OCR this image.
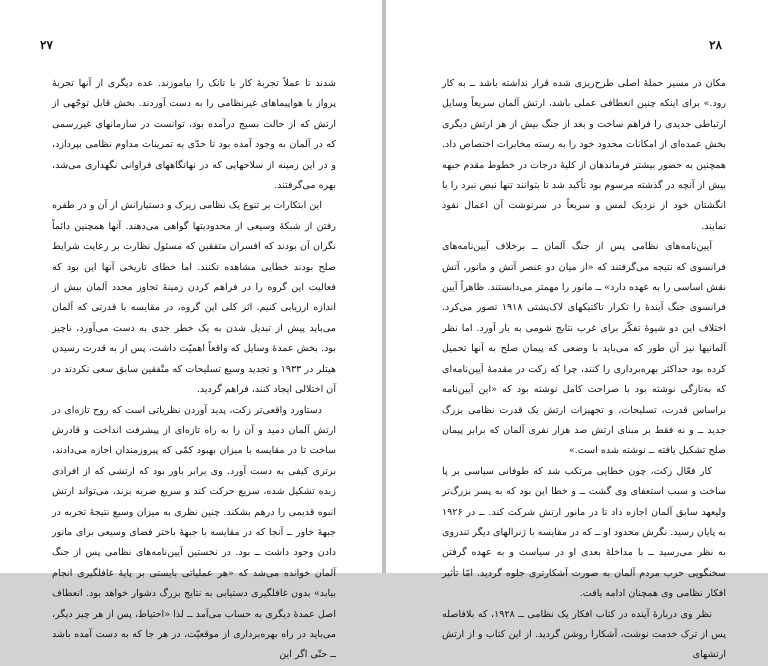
۲۷

شدند تا عملاً تجربهٔ کار با تانک را بیاموزند. عده دیگری از آنها تجربهٔ پرواز با هواپیماهای غیرنظامی را به دست آوردند. بخش قابل توجّهی از ارتش که از حالت بسیج درآمده بود، توانست در سازمانهای غیررسمی که در آلمان به وجود آمده بود تا حدّی به تمرینات مداوم نظامی بپردازد، و در این زمینه از سلاحهایی که در نهانگاههای فراوانی نگهداری می‌شد، بهره می‌گرفتند.

این ابتکارات بر تنوع یک نظامی زیرک و دستیارانش از آن و در طفره رفتن از شبکهٔ وسیعی از محدودیتها گواهی می‌دهند. آنها همچنین دائماً نگران آن بودند که افسران متفقین که مسئول نظارت بر رعایت شرایط صلح بودند خطایی مشاهده نکنند. اما خطای تاریخی آنها این بود که فعالیت این گروه را در فراهم کردن زمینهٔ تجاوز مجدد آلمان بیش از اندازه ارزیابی کنیم. اثر کلی این گروه، در مقایسه با قدرتی که آلمان می‌باید پیش از تبدیل شدن به یک خطر جدی به دست می‌آورد، ناچیز بود. بخش عمدهٔ وسایل که واقعاً اهمیّت داشت، پس از به قدرت رسیدن هیتلر در ۱۹۳۳ و تجدید وسیع تسلیحات که متّفقین سابق سعی نکردند در آن اختلالی ایجاد کنند، فراهم گردید.

دستاورد واقعی‌تر زکت، پدید آوردن نظریاتی است که روح تازه‌ای در ارتش آلمان دمید و آن را به راه تازه‌ای از پیشرفت انداخت و قادرش ساخت تا در مقایسه با میزان بهبود کمّی که پیروزمندان اجازه می‌دادند، برتری کیفی به دست آورد. وی برابر باور بود که ارتشی که از افرادی زبده تشکیل شده، سریع حرکت کند و سریع ضربه بزند، می‌تواند ارتش انبوه قدیمی را درهم بشکند. چنین نظری به میزان وسیع نتیجهٔ تجربه در جبههٔ خاور ــ آنجا که در مقایسه با جبههٔ باختر فضای وسیعی برای مانور دادن وجود داشت ــ بود. در نخستین آیین‌نامه‌های نظامی پس از جنگ آلمان خوانده می‌شد که «هر عملیاتی بایستی بر پایهٔ غافلگیری انجام بیابد» بدون غافلگیری دستیابی به نتایج بزرگ دشوار خواهد بود. انعطاف اصل عمدهٔ دیگری به حساب می‌آمد ــ لذا «احتیاط، پس از هر چیز دیگر، می‌باید در راه بهره‌برداری از موقعیّت، در هر جا که به دست آمده باشد ــ حتّی اگر این

۲۸

مکان در مسیر حملهٔ اصلی طرح‌ریزی شده قرار نداشته باشد ــ به کار رود.» برای اینکه چنین انعطافی عملی باشد، ارتش آلمان سریعاً وسایل ارتباطی جدیدی را فراهم ساخت و بعد از جنگ بیش از هر ارتش دیگری بخش عمده‌ای از امکانات محدود خود را به رسته مخابرات اختصاص داد. همچنین به حضور بیشتر فرماندهان از کلیهٔ درجات در خطوط مقدم جبهه بیش از آنچه در گذشته مرسوم بود تأکید شد تا بتوانند تنها نبض نبرد را با انگشتان خود از نزدیک لمس و سریعاً در سرنوشت آن اعمال نفوذ نمایند.

آیین‌نامه‌های نظامی پس از جنگ آلمان ــ برخلاف آیین‌نامه‌های فرانسوی که نتیجه می‌گرفتند که «از میان دو عنصر آتش و مانور، آتش نقش اساسی را به عهده دارد» ــ مانور را مهمتر می‌دانستند. ظاهراً آیین فرانسوی جنگ آیندهٔ را تکرار تاکتیکهای لاک‌پشتی ۱۹۱۸ تصور می‌کرد. اختلاف این دو شیوهٔ تفکّر برای غرب نتایج شومی به بار آورد. اما نظر آلمانیها نیز آن طور که می‌باید با وضعی که پیمان صلح به آنها تحمیل کرده بود حداکثر بهره‌برداری را کنند، چرا که زکت در مقدمهٔ آیین‌نامه‌ای که به‌تازگی نوشته بود با صراحت کامل نوشته بود که «این آیین‌نامه براساس قدرت، تسلیحات، و تجهیزات ارتش یک قدرت نظامی بزرگ جدید ــ و نه فقط بر مبنای ارتش صد هزار نفری آلمان که برابر پیمان صلح تشکیل یافته ــ نوشته شده است.»

کار فعّال زکت، چون خطایی مرتکب شد که طوفانی سیاسی بر پا ساخت و سبب استعفای وی گشت ــ و خطا این بود که به پسر بزرگ‌تر ولیعهد سابق آلمان اجازه داد تا در مانور ارتش شرکت کند. ــ در ۱۹۲۶ به پایان رسید. نگرش محدود او ــ که در مقایسه با ژنرالهای دیگر تندروی به نظر می‌رسید ــ با مداخلهٔ بعدی او در سیاست و به عهده گرفتن سخنگویی حزب مردم آلمان به صورت آشکارتری جلوه گردید. امّا تأثیر افکار نظامی وی همچنان ادامه یافت.

نظر وی دربارهٔ آینده در کتاب افکار یک نظامی ــ ۱۹۲۸، که بلافاصله پس از ترک خدمت نوشت، آشکارا روشن گردید. از این کتاب و از ارتش ارتشهای
